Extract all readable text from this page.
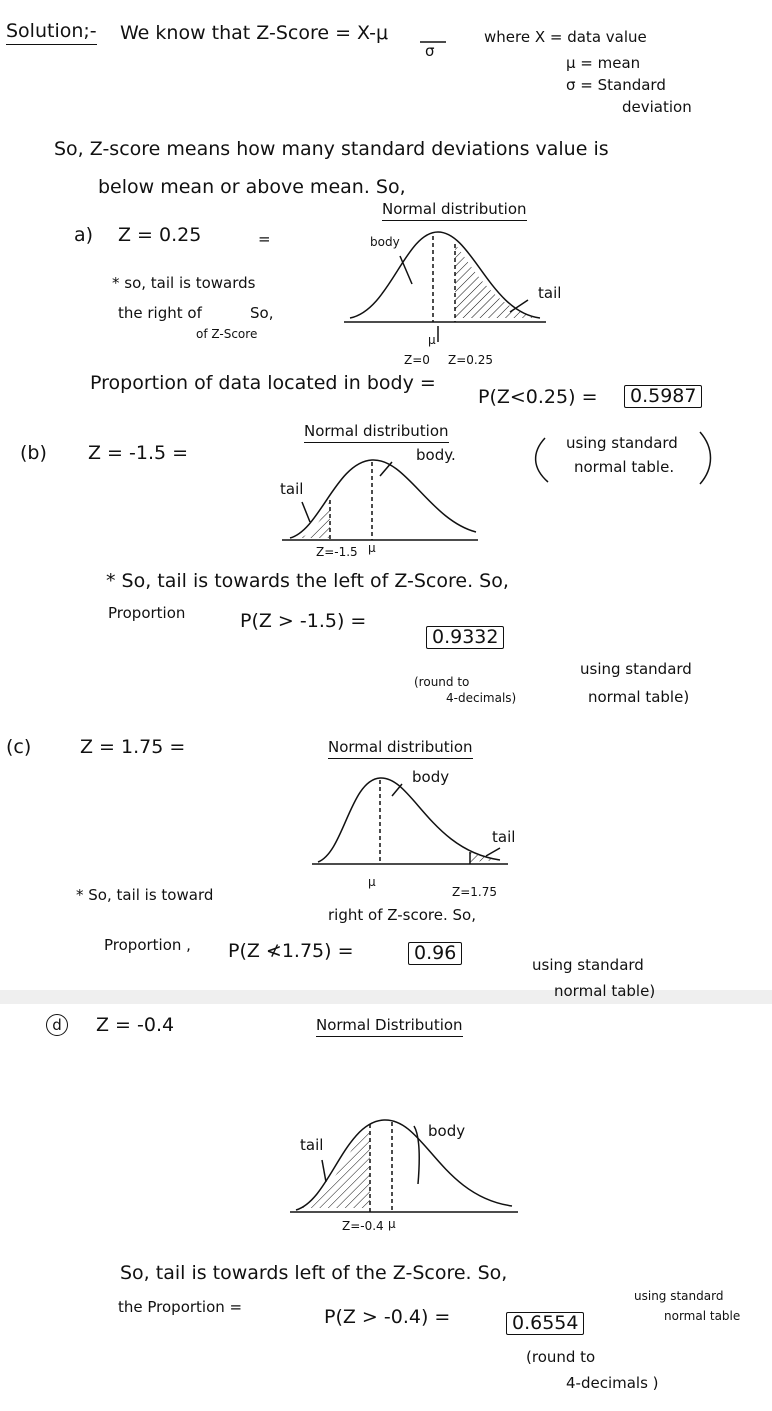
Solution;- We know that Z-Score = X-μ
σ
where X = data value
μ = mean
σ = Standard
deviation
So, Z-score means how many standard deviations value is
below mean or above mean. So,
a) Z = 0.25	=
Normal distribution
body
tail
μ
Z=0 Z=0.25
* so, tail is towards
the right of	So,
of Z-Score
Proportion of data located in body =
P(Z<0.25) =	0.5987
(b) Z = -1.5 =
Normal distribution
body.
tail
Z=-1.5 μ
using standard
normal table.
* So, tail is towards the left of Z-Score. So,
Proportion	P(Z > -1.5) =
0.9332
(round to
4-decimals)
using standard
normal table)
(c)	Z = 1.75 =	Normal distribution
body
tail
μ
Z=1.75
* So, tail is toward
right of Z-score. So,
Proportion , P(Z ≮1.75) =	0.96
using standard
normal table)
d	Z = -0.4	Normal Distribution
body
tail
Z=-0.4 μ
So, tail is towards left of the Z-Score. So,
the Proportion =	P(Z > -0.4) =	0.6554
using standard
normal table
(round to
4-decimals )
